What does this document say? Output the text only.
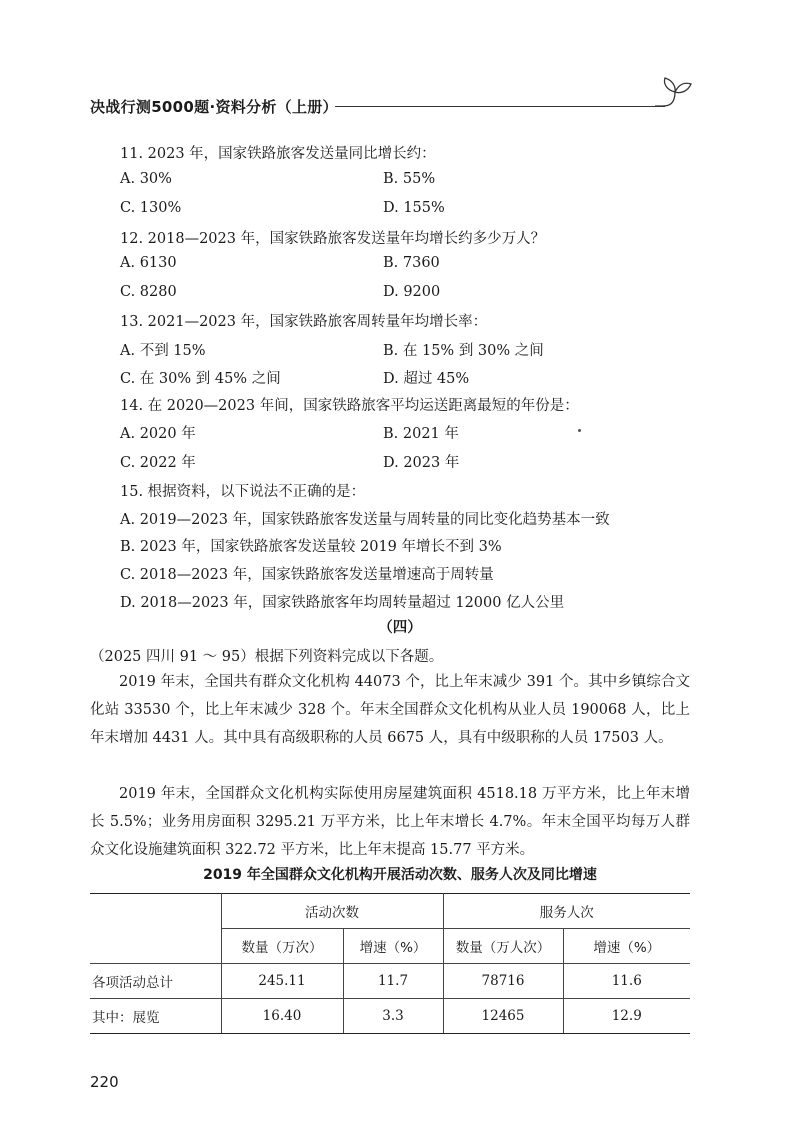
决战行测5000题·资料分析（上册）
11. 2023 年，国家铁路旅客发送量同比增长约：
A. 30%	B. 55%
C. 130%	D. 155%
12. 2018—2023 年，国家铁路旅客发送量年均增长约多少万人？
A. 6130	B. 7360
C. 8280	D. 9200
13. 2021—2023 年，国家铁路旅客周转量年均增长率：
A. 不到 15%	B. 在 15% 到 30% 之间
C. 在 30% 到 45% 之间	D. 超过 45%
14. 在 2020—2023 年间，国家铁路旅客平均运送距离最短的年份是：
A. 2020 年	B. 2021 年
C. 2022 年	D. 2023 年
15. 根据资料，以下说法不正确的是：
A. 2019—2023 年，国家铁路旅客发送量与周转量的同比变化趋势基本一致
B. 2023 年，国家铁路旅客发送量较 2019 年增长不到 3%
C. 2018—2023 年，国家铁路旅客发送量增速高于周转量
D. 2018—2023 年，国家铁路旅客年均周转量超过 12000 亿人公里
（四）
（2025 四川 91 ～ 95）根据下列资料完成以下各题。
2019 年末，全国共有群众文化机构 44073 个，比上年末减少 391 个。其中乡镇综合文化站 33530 个，比上年末减少 328 个。年末全国群众文化机构从业人员 190068 人，比上年末增加 4431 人。其中具有高级职称的人员 6675 人，具有中级职称的人员 17503 人。
2019 年末，全国群众文化机构实际使用房屋建筑面积 4518.18 万平方米，比上年末增长 5.5%；业务用房面积 3295.21 万平方米，比上年末增长 4.7%。年末全国平均每万人群众文化设施建筑面积 322.72 平方米，比上年末提高 15.77 平方米。
2019 年全国群众文化机构开展活动次数、服务人次及同比增速
	活动次数		服务人次	
	数量（万次）	增速（%）	数量（万人次）	增速（%）
各项活动总计	245.11	11.7	78716	11.6
其中：展览	16.40	3.3	12465	12.9
220
